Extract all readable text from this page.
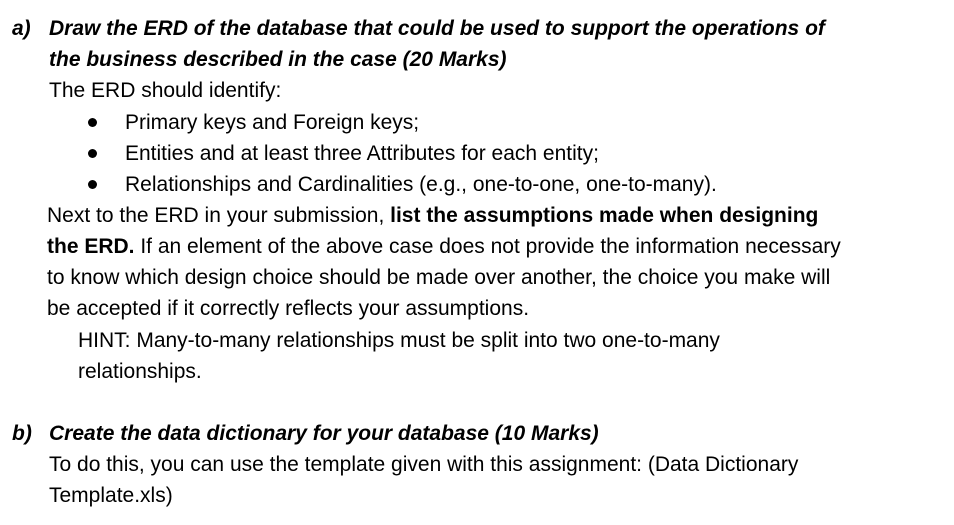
a) Draw the ERD of the database that could be used to support the operations of
the business described in the case (20 Marks)
The ERD should identify:
Primary keys and Foreign keys;
Entities and at least three Attributes for each entity;
Relationships and Cardinalities (e.g., one-to-one, one-to-many).
Next to the ERD in your submission, list the assumptions made when designing
the ERD. If an element of the above case does not provide the information necessary
to know which design choice should be made over another, the choice you make will
be accepted if it correctly reflects your assumptions.
HINT: Many-to-many relationships must be split into two one-to-many
relationships.
b) Create the data dictionary for your database (10 Marks)
To do this, you can use the template given with this assignment: (Data Dictionary
Template.xls)
